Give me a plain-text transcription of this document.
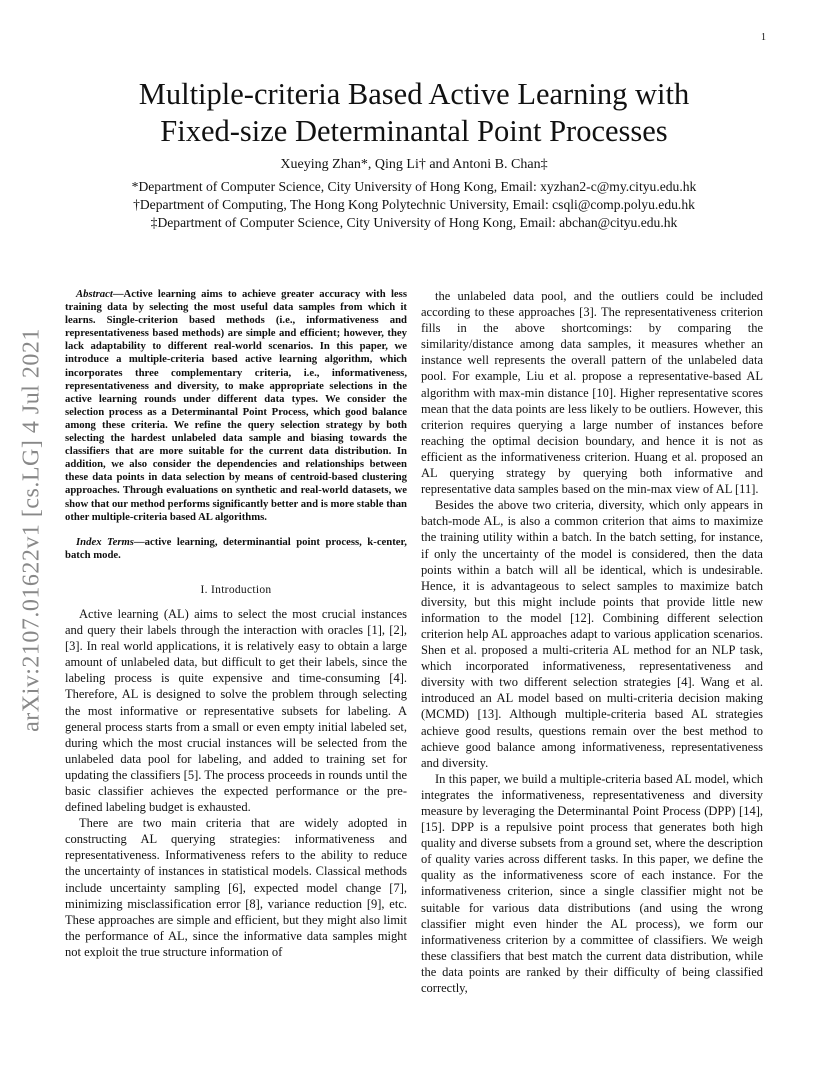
1
arXiv:2107.01622v1 [cs.LG] 4 Jul 2021
Multiple-criteria Based Active Learning with
Fixed-size Determinantal Point Processes
Xueying Zhan*, Qing Li† and Antoni B. Chan‡
*Department of Computer Science, City University of Hong Kong, Email: xyzhan2-c@my.cityu.edu.hk
†Department of Computing, The Hong Kong Polytechnic University, Email: csqli@comp.polyu.edu.hk
‡Department of Computer Science, City University of Hong Kong, Email: abchan@cityu.edu.hk

Abstract—Active learning aims to achieve greater accuracy with less training data by selecting the most useful data samples from which it learns. Single-criterion based methods (i.e., informativeness and representativeness based methods) are simple and efficient; however, they lack adaptability to different real-world scenarios. In this paper, we introduce a multiple-criteria based active learning algorithm, which incorporates three complementary criteria, i.e., informativeness, representativeness and diversity, to make appropriate selections in the active learning rounds under different data types. We consider the selection process as a Determinantal Point Process, which good balance among these criteria. We refine the query selection strategy by both selecting the hardest unlabeled data sample and biasing towards the classifiers that are more suitable for the current data distribution. In addition, we also consider the dependencies and relationships between these data points in data selection by means of centroid-based clustering approaches. Through evaluations on synthetic and real-world datasets, we show that our method performs significantly better and is more stable than other multiple-criteria based AL algorithms.

Index Terms—active learning, determinantial point process, k-center, batch mode.

I. Introduction

Active learning (AL) aims to select the most crucial instances and query their labels through the interaction with oracles [1], [2], [3]. In real world applications, it is relatively easy to obtain a large amount of unlabeled data, but difficult to get their labels, since the labeling process is quite expensive and time-consuming [4]. Therefore, AL is designed to solve the problem through selecting the most informative or representative subsets for labeling. A general process starts from a small or even empty initial labeled set, during which the most crucial instances will be selected from the unlabeled data pool for labeling, and added to training set for updating the classifiers [5]. The process proceeds in rounds until the basic classifier achieves the expected performance or the pre-defined labeling budget is exhausted.

There are two main criteria that are widely adopted in constructing AL querying strategies: informativeness and representativeness. Informativeness refers to the ability to reduce the uncertainty of instances in statistical models. Classical methods include uncertainty sampling [6], expected model change [7], minimizing misclassification error [8], variance reduction [9], etc. These approaches are simple and efficient, but they might also limit the performance of AL, since the informative data samples might not exploit the true structure information of

the unlabeled data pool, and the outliers could be included according to these approaches [3]. The representativeness criterion fills in the above shortcomings: by comparing the similarity/distance among data samples, it measures whether an instance well represents the overall pattern of the unlabeled data pool. For example, Liu et al. propose a representative-based AL algorithm with max-min distance [10]. Higher representative scores mean that the data points are less likely to be outliers. However, this criterion requires querying a large number of instances before reaching the optimal decision boundary, and hence it is not as efficient as the informativeness criterion. Huang et al. proposed an AL querying strategy by querying both informative and representative data samples based on the min-max view of AL [11].

Besides the above two criteria, diversity, which only appears in batch-mode AL, is also a common criterion that aims to maximize the training utility within a batch. In the batch setting, for instance, if only the uncertainty of the model is considered, then the data points within a batch will all be identical, which is undesirable. Hence, it is advantageous to select samples to maximize batch diversity, but this might include points that provide little new information to the model [12]. Combining different selection criterion help AL approaches adapt to various application scenarios. Shen et al. proposed a multi-criteria AL method for an NLP task, which incorporated informativeness, representativeness and diversity with two different selection strategies [4]. Wang et al. introduced an AL model based on multi-criteria decision making (MCMD) [13]. Although multiple-criteria based AL strategies achieve good results, questions remain over the best method to achieve good balance among informativeness, representativeness and diversity.

In this paper, we build a multiple-criteria based AL model, which integrates the informativeness, representativeness and diversity measure by leveraging the Determinantal Point Process (DPP) [14], [15]. DPP is a repulsive point process that generates both high quality and diverse subsets from a ground set, where the description of quality varies across different tasks. In this paper, we define the quality as the informativeness score of each instance. For the informativeness criterion, since a single classifier might not be suitable for various data distributions (and using the wrong classifier might even hinder the AL process), we form our informativeness criterion by a committee of classifiers. We weigh these classifiers that best match the current data distribution, while the data points are ranked by their difficulty of being classified correctly,
